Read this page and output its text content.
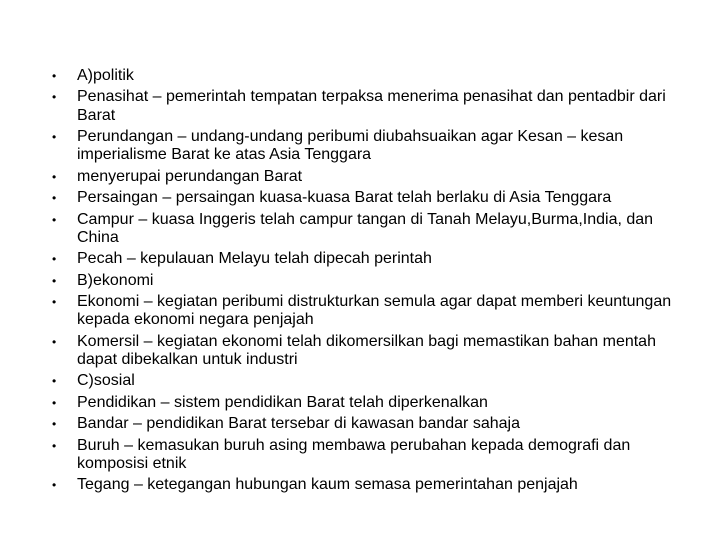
• A)politik
• Penasihat – pemerintah tempatan terpaksa menerima penasihat dan pentadbir dari Barat
• Perundangan – undang-undang peribumi diubahsuaikan agar Kesan – kesan imperialisme Barat ke atas Asia Tenggara
• menyerupai perundangan Barat
• Persaingan – persaingan kuasa-kuasa Barat telah berlaku di Asia Tenggara
• Campur – kuasa Inggeris telah campur tangan di Tanah Melayu,Burma,India, dan China
• Pecah – kepulauan Melayu telah dipecah perintah
• B)ekonomi
• Ekonomi – kegiatan peribumi distrukturkan semula agar dapat memberi keuntungan kepada ekonomi negara penjajah
• Komersil – kegiatan ekonomi telah dikomersilkan bagi memastikan bahan mentah dapat dibekalkan untuk industri
• C)sosial
• Pendidikan – sistem pendidikan Barat telah diperkenalkan
• Bandar – pendidikan Barat tersebar di kawasan bandar sahaja
• Buruh – kemasukan buruh asing membawa perubahan kepada demografi dan komposisi etnik
• Tegang – ketegangan hubungan kaum semasa pemerintahan penjajah
